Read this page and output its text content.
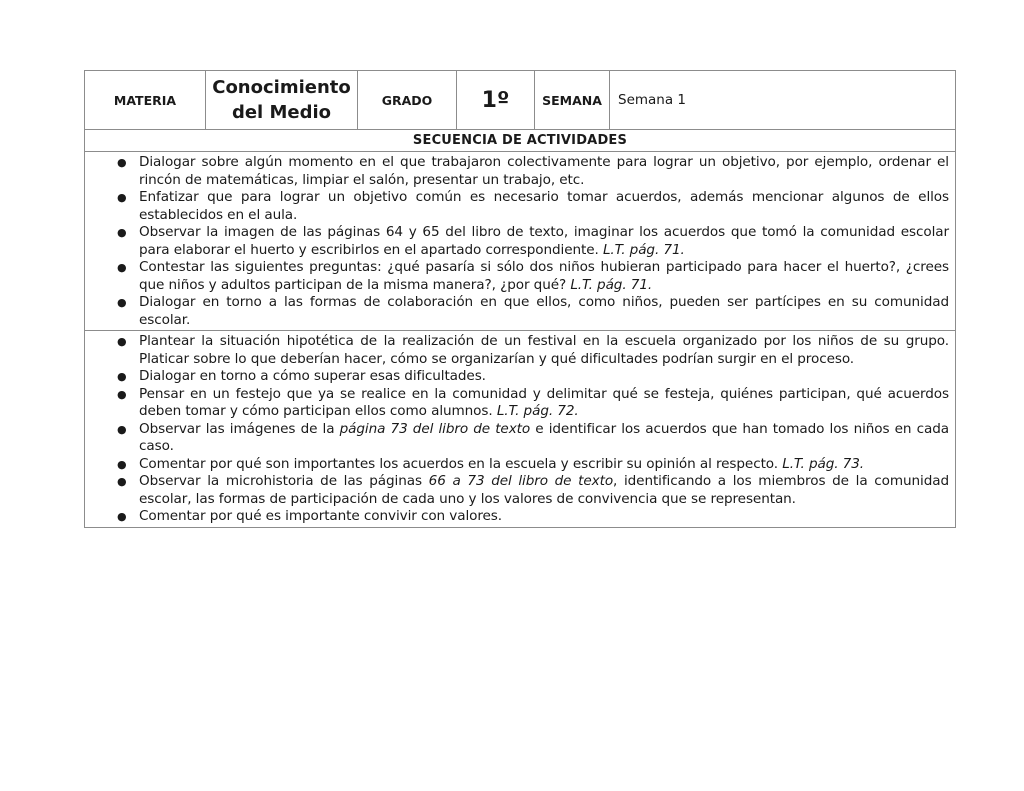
MATERIA	Conocimiento del Medio	GRADO	1º	SEMANA	Semana 1
SECUENCIA DE ACTIVIDADES

● Dialogar sobre algún momento en el que trabajaron colectivamente para lograr un objetivo, por ejemplo, ordenar el rincón de matemáticas, limpiar el salón, presentar un trabajo, etc.
● Enfatizar que para lograr un objetivo común es necesario tomar acuerdos, además mencionar algunos de ellos establecidos en el aula.
● Observar la imagen de las páginas 64 y 65 del libro de texto, imaginar los acuerdos que tomó la comunidad escolar para elaborar el huerto y escribirlos en el apartado correspondiente. L.T. pág. 71.
● Contestar las siguientes preguntas: ¿qué pasaría si sólo dos niños hubieran participado para hacer el huerto?, ¿crees que niños y adultos participan de la misma manera?, ¿por qué? L.T. pág. 71.
● Dialogar en torno a las formas de colaboración en que ellos, como niños, pueden ser partícipes en su comunidad escolar.

● Plantear la situación hipotética de la realización de un festival en la escuela organizado por los niños de su grupo. Platicar sobre lo que deberían hacer, cómo se organizarían y qué dificultades podrían surgir en el proceso.
● Dialogar en torno a cómo superar esas dificultades.
● Pensar en un festejo que ya se realice en la comunidad y delimitar qué se festeja, quiénes participan, qué acuerdos deben tomar y cómo participan ellos como alumnos. L.T. pág. 72.
● Observar las imágenes de la página 73 del libro de texto e identificar los acuerdos que han tomado los niños en cada caso.
● Comentar por qué son importantes los acuerdos en la escuela y escribir su opinión al respecto. L.T. pág. 73.
● Observar la microhistoria de las páginas 66 a 73 del libro de texto, identificando a los miembros de la comunidad escolar, las formas de participación de cada uno y los valores de convivencia que se representan.
● Comentar por qué es importante convivir con valores.
